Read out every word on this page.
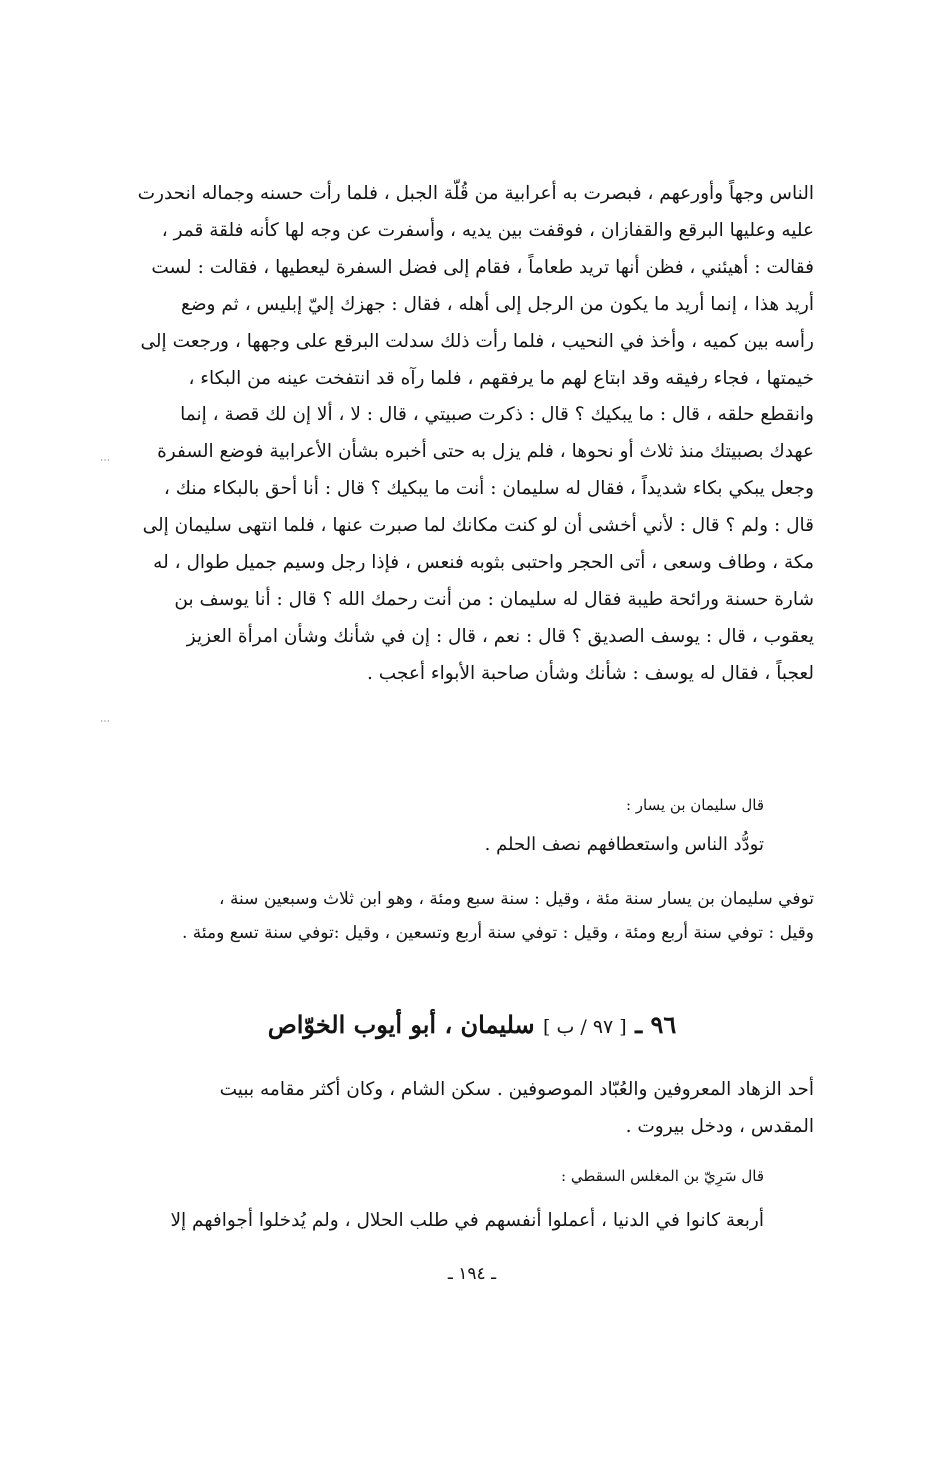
الناس وجهاً وأورعهم ، فبصرت به أعرابية من قُلّة الجبل ، فلما رأت حسنه وجماله انحدرت

عليه وعليها البرقع والقفازان ، فوقفت بين يديه ، وأسفرت عن وجه لها كأنه فلقة قمر ،

فقالت : أهيئني ، فظن أنها تريد طعاماً ، فقام إلى فضل السفرة ليعطيها ، فقالت : لست

أريد هذا ، إنما أريد ما يكون من الرجل إلى أهله ، فقال : جهزك إليّ إبليس ، ثم وضع

رأسه بين كميه ، وأخذ في النحيب ، فلما رأت ذلك سدلت البرقع على وجهها ، ورجعت إلى

خيمتها ، فجاء رفيقه وقد ابتاع لهم ما يرفقهم ، فلما رآه قد انتفخت عينه من البكاء ،

وانقطع حلقه ، قال : ما يبكيك ؟ قال : ذكرت صبيتي ، قال : لا ، ألا إن لك قصة ، إنما

عهدك بصبيتك منذ ثلاث أو نحوها ، فلم يزل به حتى أخبره بشأن الأعرابية فوضع السفرة

وجعل يبكي بكاء شديداً ، فقال له سليمان : أنت ما يبكيك ؟ قال : أنا أحق بالبكاء منك ،

قال : ولم ؟ قال : لأني أخشى أن لو كنت مكانك لما صبرت عنها ، فلما انتهى سليمان إلى

مكة ، وطاف وسعى ، أتى الحجر واحتبى بثوبه فنعس ، فإذا رجل وسيم جميل طوال ، له

شارة حسنة ورائحة طيبة فقال له سليمان : من أنت رحمك الله ؟ قال : أنا يوسف بن

يعقوب ، قال : يوسف الصديق ؟ قال : نعم ، قال : إن في شأنك وشأن امرأة العزيز

لعجباً ، فقال له يوسف : شأنك وشأن صاحبة الأبواء أعجب .

قال سليمان بن يسار :
تودُّد الناس واستعطافهم نصف الحلم .

توفي سليمان بن يسار سنة مئة ، وقيل : سنة سبع ومئة ، وهو ابن ثلاث وسبعين سنة ،

وقيل : توفي سنة أربع ومئة ، وقيل : توفي سنة أربع وتسعين ، وقيل :توفي سنة تسع ومئة .

٩٦ ـ [ ٩٧ / ب ] سليمان ، أبو أيوب الخوّاص

أحد الزهاد المعروفين والعُبّاد الموصوفين . سكن الشام ، وكان أكثر مقامه ببيت

المقدس ، ودخل بيروت .

قال سَرِيّ بن المغلس السقطي :

أربعة كانوا في الدنيا ، أعملوا أنفسهم في طلب الحلال ، ولم يُدخلوا أجوافهم إلا

ـ ١٩٤ ـ
⋯
⋯
